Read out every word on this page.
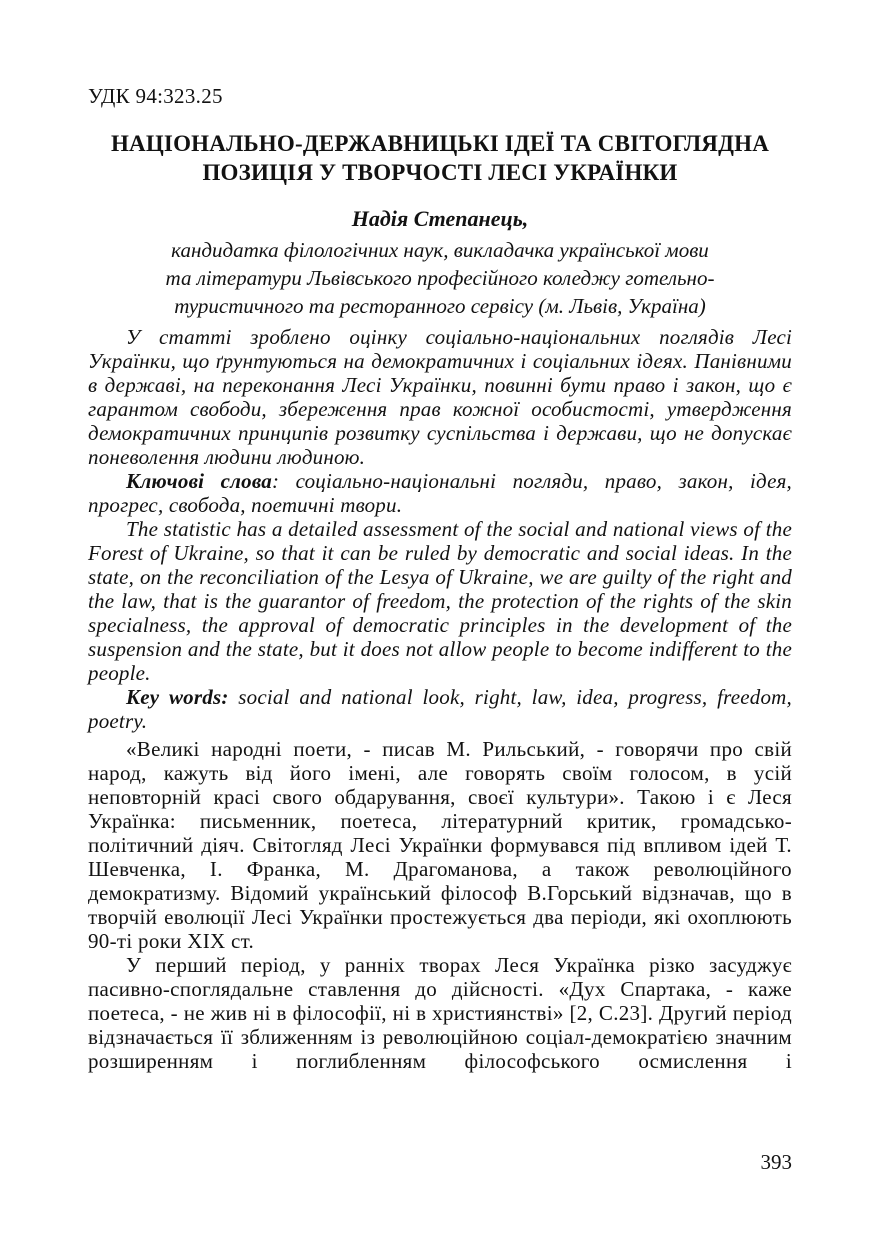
УДК 94:323.25
НАЦІОНАЛЬНО-ДЕРЖАВНИЦЬКІ ІДЕЇ ТА СВІТОГЛЯДНА
ПОЗИЦІЯ У ТВОРЧОСТІ ЛЕСІ УКРАЇНКИ
Надія Степанець,
кандидатка філологічних наук, викладачка української мови
та літератури Львівського професійного коледжу готельно-
туристичного та ресторанного сервісу (м. Львів, Україна)

У статті зроблено оцінку соціально-національних поглядів Лесі Українки, що ґрунтуються на демократичних і соціальних ідеях. Панівними в державі, на переконання Лесі Українки, повинні бути право і закон, що є гарантом свободи, збереження прав кожної особистості, утвердження демократичних принципів розвитку суспільства і держави, що не допускає поневолення людини людиною.

Ключові слова: соціально-національні погляди, право, закон, ідея, прогрес, свобода, поетичні твори.

The statistic has a detailed assessment of the social and national views of the Forest of Ukraine, so that it can be ruled by democratic and social ideas. In the state, on the reconciliation of the Lesya of Ukraine, we are guilty of the right and the law, that is the guarantor of freedom, the protection of the rights of the skin specialness, the approval of democratic principles in the development of the suspension and the state, but it does not allow people to become indifferent to the people.

Key words: social and national look, right, law, idea, progress, freedom, poetry.

«Великі народні поети, - писав М. Рильський, - говорячи про свій народ, кажуть від його імені, але говорять своїм голосом, в усій неповторній красі свого обдарування, своєї культури». Такою і є Леся Українка: письменник, поетеса, літературний критик, громадсько-політичний діяч. Світогляд Лесі Українки формувався під впливом ідей Т. Шевченка, І. Франка, М. Драгоманова, а також революційного демократизму. Відомий український філософ В.Горський відзначав, що в творчій еволюції Лесі Українки простежується два періоди, які охоплюють 90-ті роки ХІХ ст.

У перший період, у ранніх творах Леся Українка різко засуджує пасивно-споглядальне ставлення до дійсності. «Дух Спартака, - каже поетеса, - не жив ні в філософії, ні в християнстві» [2, С.23]. Другий період відзначається її зближенням із революційною соціал-демократією значним розширенням і поглибленням філософського осмислення і

393
